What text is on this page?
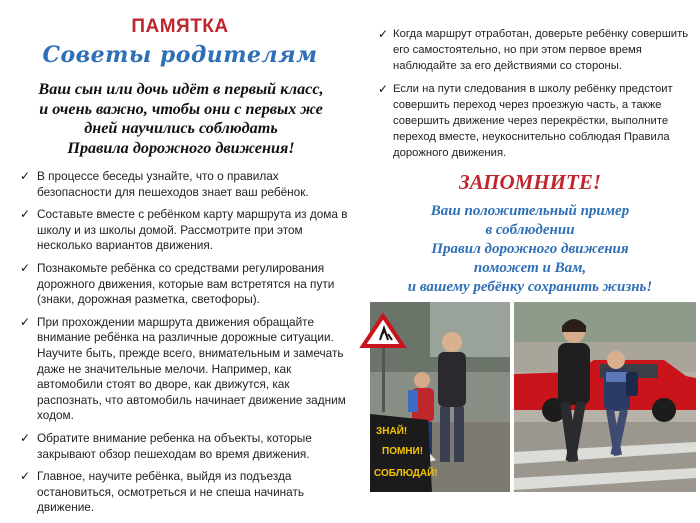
ПАМЯТКА
Советы родителям
Ваш сын или дочь идёт в первый класс,
и очень важно, чтобы они с первых же
дней научились соблюдать
Правила дорожного движения!
✓ В процессе беседы узнайте, что о правилах безопасности для пешеходов знает ваш ребёнок.
✓ Составьте вместе с ребёнком карту маршрута из дома в школу и из школы домой. Рассмотрите при этом несколько вариантов движения.
✓ Познакомьте ребёнка со средствами регулирования дорожного движения, которые вам встретятся на пути (знаки, дорожная разметка, светофоры).
✓ При прохождении маршрута движения обращайте внимание ребёнка на различные дорожные ситуации. Научите быть, прежде всего, внимательным и замечать даже не значительные мелочи. Например, как автомобили стоят во дворе, как движутся, как распознать, что автомобиль начинает движение задним ходом.
✓ Обратите внимание ребенка на объекты, которые закрывают обзор пешеходам во время движения.
✓ Главное, научите ребёнка, выйдя из подъезда остановиться, осмотреться и не спеша начинать движение.
✓ Когда маршрут отработан, доверьте ребёнку совершить его самостоятельно, но при этом первое время наблюдайте за его действиями со стороны.
✓ Если на пути следования в школу ребёнку предстоит совершить переход через проезжую часть, а также совершить движение через перекрёстки, выполните переход вместе, неукоснительно соблюдая Правила дорожного движения.
ЗАПОМНИТЕ!
Ваш положительный пример
в соблюдении
Правил дорожного движения
поможет и Вам,
и вашему ребёнку сохранить жизнь!
ЗНАЙ!
ПОМНИ!
СОБЛЮДАЙ!
